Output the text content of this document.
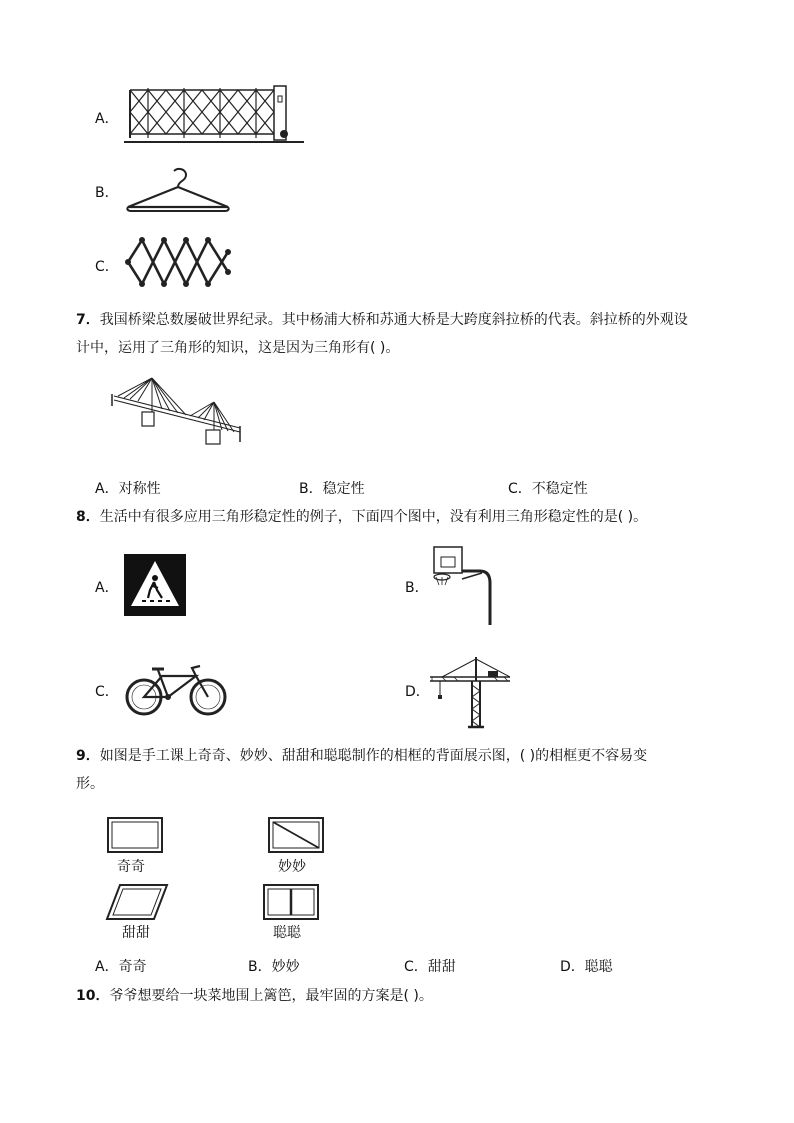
A．
B．
C．
7．我国桥梁总数屡破世界纪录。其中杨浦大桥和苏通大桥是大跨度斜拉桥的代表。斜拉桥的外观设
计中，运用了三角形的知识，这是因为三角形有( )。
A．对称性	B．稳定性	C．不稳定性
8．生活中有很多应用三角形稳定性的例子，下面四个图中，没有利用三角形稳定性的是( )。
A．	B．
C．	D．
9．如图是手工课上奇奇、妙妙、甜甜和聪聪制作的相框的背面展示图，( )的相框更不容易变
形。
奇奇	妙妙
甜甜	聪聪
A．奇奇	B．妙妙	C．甜甜	D．聪聪
10．爷爷想要给一块菜地围上篱笆，最牢固的方案是( )。
